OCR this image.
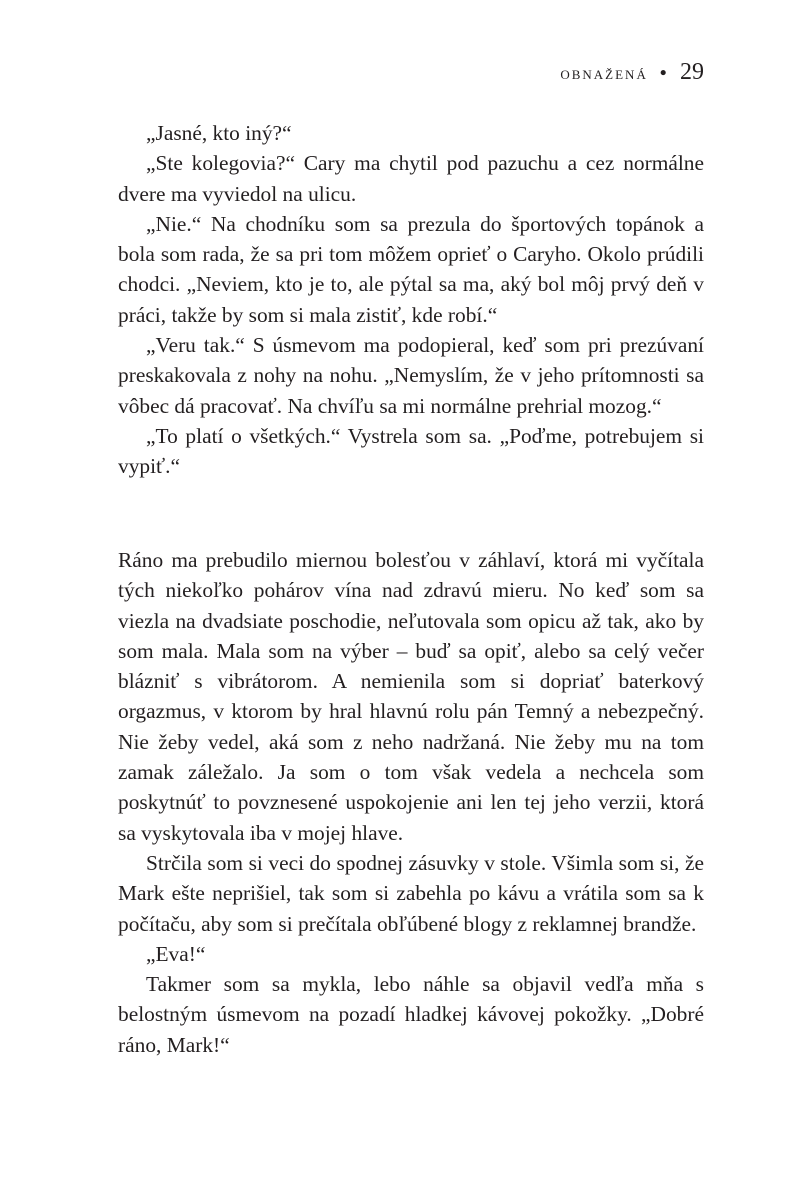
obnažená • 29

„Jasné, kto iný?“

„Ste kolegovia?“ Cary ma chytil pod pazuchu a cez normálne dvere ma vyviedol na ulicu.

„Nie.“ Na chodníku som sa prezula do športových topánok a bola som rada, že sa pri tom môžem oprieť o Caryho. Okolo prúdili chodci. „Neviem, kto je to, ale pýtal sa ma, aký bol môj prvý deň v práci, takže by som si mala zistiť, kde robí.“

„Veru tak.“ S úsmevom ma podopieral, keď som pri prezúvaní preskakovala z nohy na nohu. „Nemyslím, že v jeho prítomnosti sa vôbec dá pracovať. Na chvíľu sa mi normálne prehrial mozog.“

„To platí o všetkých.“ Vystrela som sa. „Poďme, potrebujem si vypiť.“

Ráno ma prebudilo miernou bolesťou v záhlaví, ktorá mi vyčítala tých niekoľko pohárov vína nad zdravú mieru. No keď som sa viezla na dvadsiate poschodie, neľutovala som opicu až tak, ako by som mala. Mala som na výber – buď sa opiť, alebo sa celý večer blázniť s vibrátorom. A nemienila som si dopriať baterkový orgazmus, v ktorom by hral hlavnú rolu pán Temný a nebezpečný. Nie žeby vedel, aká som z neho nadržaná. Nie žeby mu na tom zamak záležalo. Ja som o tom však vedela a nechcela som poskytnúť to povznesené uspokojenie ani len tej jeho verzii, ktorá sa vyskytovala iba v mojej hlave.

Strčila som si veci do spodnej zásuvky v stole. Všimla som si, že Mark ešte neprišiel, tak som si zabehla po kávu a vrátila som sa k počítaču, aby som si prečítala obľúbené blogy z reklamnej brandže.

„Eva!“

Takmer som sa mykla, lebo náhle sa objavil vedľa mňa s belostným úsmevom na pozadí hladkej kávovej pokožky. „Dobré ráno, Mark!“
